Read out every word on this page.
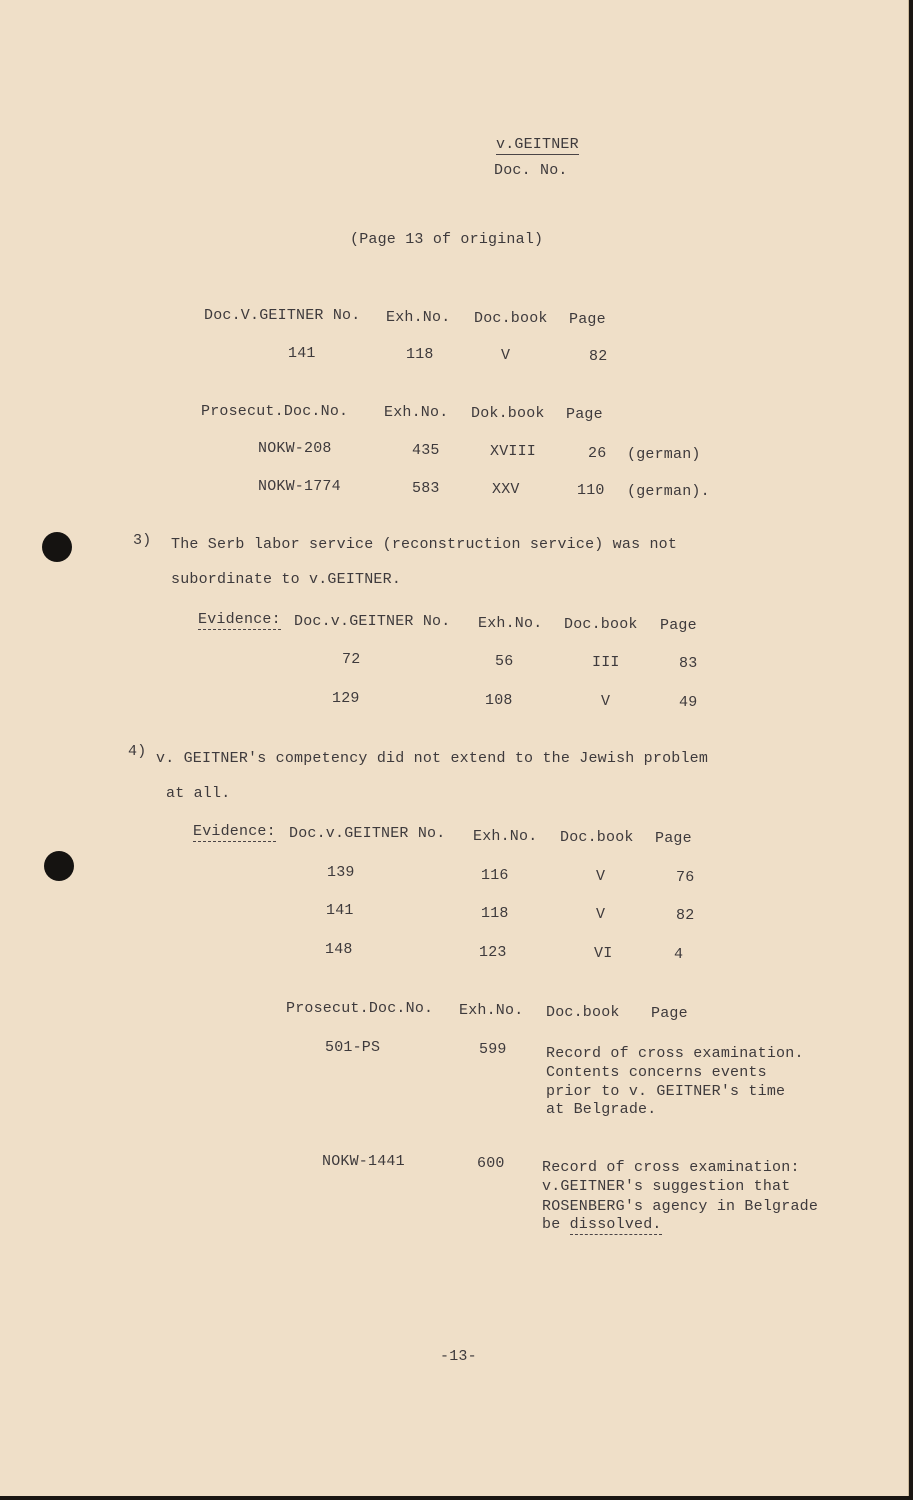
v.GEITNER
Doc. No.
(Page 13 of original)
Doc.V.GEITNER No. Exh.No. Doc.book Page
141	118	V	82
Prosecut.Doc.No. Exh.No. Dok.book Page
NOKW-208	435	XVIII	26 (german)
NOKW-1774	583	XXV	110 (german).
3) The Serb labor service (reconstruction service) was not
subordinate to v.GEITNER.
Evidence: Doc.v.GEITNER No. Exh.No. Doc.book Page
72	56	III	83
129	108	V	49
4) v. GEITNER's competency did not extend to the Jewish problem
at all.
Evidence: Doc.v.GEITNER No. Exh.No. Doc.book Page
139	116	V	76
141	118	V	82
148	123	VI	4
Prosecut.Doc.No. Exh.No. Doc.book Page
501-PS	599	Record of cross examination.
Contents concerns events
prior to v. GEITNER's time
at Belgrade.
NOKW-1441	600 Record of cross examination:
v.GEITNER's suggestion that
ROSENBERG's agency in Belgrade
be dissolved.
-13-
